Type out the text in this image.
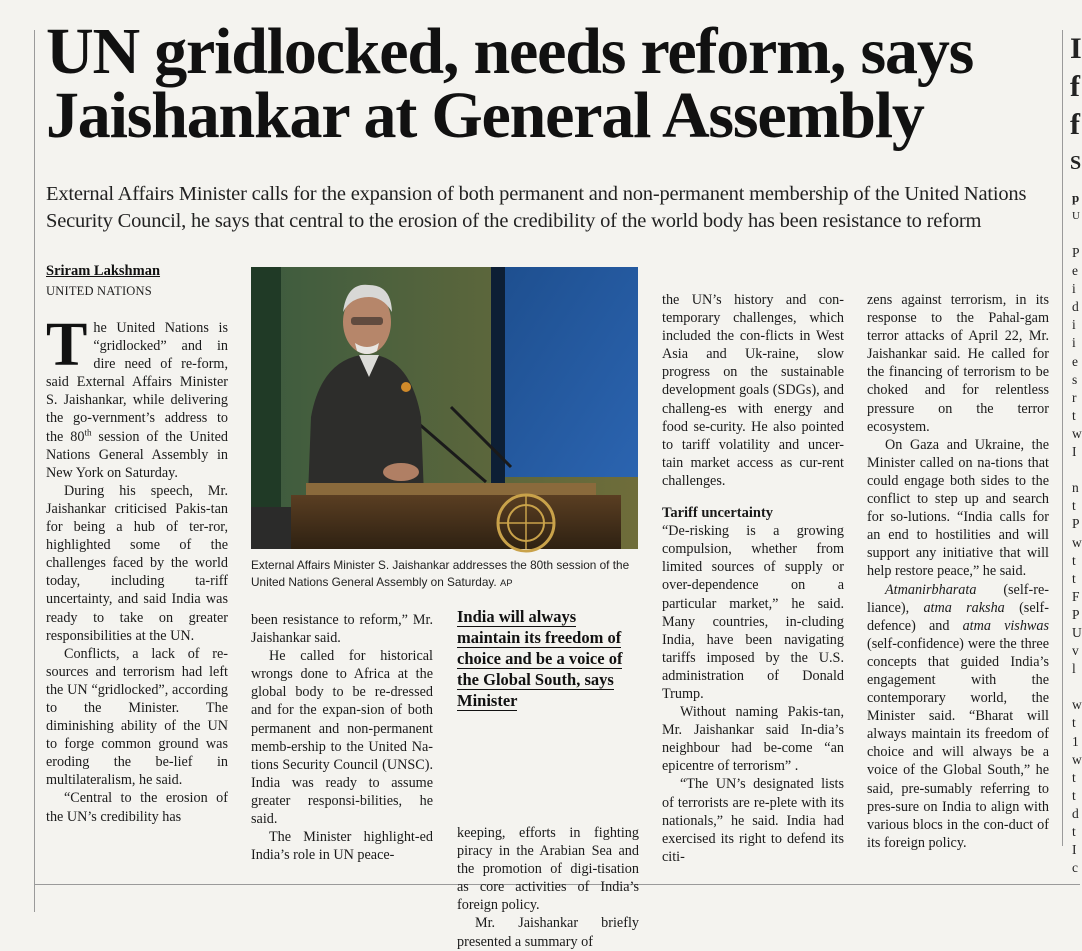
UN gridlocked, needs reform, says
Jaishankar at General Assembly
External Affairs Minister calls for the expansion of both permanent and non-permanent membership of the United Nations
Security Council, he says that central to the erosion of the credibility of the world body has been resistance to reform
Sriram Lakshman
UNITED NATIONS

The United Nations is “gridlocked” and in dire need of re-form, said External Affairs Minister S. Jaishankar, while delivering the go-vernment’s address to the 80th session of the United Nations General Assembly in New York on Saturday.

During his speech, Mr. Jaishankar criticised Pakis-tan for being a hub of ter-ror, highlighted some of the challenges faced by the world today, including ta-riff uncertainty, and said India was ready to take on greater responsibilities at the UN.

Conflicts, a lack of re-sources and terrorism had left the UN “gridlocked”, according to the Minister. The diminishing ability of the UN to forge common ground was eroding the be-lief in multilateralism, he said.

“Central to the erosion of the UN’s credibility has

External Affairs Minister S. Jaishankar addresses the 80th session of the United Nations General Assembly on Saturday. AP

been resistance to reform,” Mr. Jaishankar said.

He called for historical wrongs done to Africa at the global body to be re-dressed and for the expan-sion of both permanent and non-permanent memb-ership to the United Na-tions Security Council (UNSC). India was ready to assume greater responsi-bilities, he said.

The Minister highlight-ed India’s role in UN peace-

India will always maintain its freedom of choice and be a voice of the Global South, says Minister

keeping, efforts in fighting piracy in the Arabian Sea and the promotion of digi-tisation as core activities of India’s foreign policy.

Mr. Jaishankar briefly presented a summary of

the UN’s history and con-temporary challenges, which included the con-flicts in West Asia and Uk-raine, slow progress on the sustainable development goals (SDGs), and challeng-es with energy and food se-curity. He also pointed to tariff volatility and uncer-tain market access as cur-rent challenges.

Tariff uncertainty

“De-risking is a growing compulsion, whether from limited sources of supply or over-dependence on a particular market,” he said. Many countries, in-cluding India, have been navigating tariffs imposed by the U.S. administration of Donald Trump.

Without naming Pakis-tan, Mr. Jaishankar said In-dia’s neighbour had be-come “an epicentre of terrorism” .

“The UN’s designated lists of terrorists are re-plete with its nationals,” he said. India had exercised its right to defend its citi-

zens against terrorism, in its response to the Pahal-gam terror attacks of April 22, Mr. Jaishankar said. He called for the financing of terrorism to be choked and for relentless pressure on the terror ecosystem.

On Gaza and Ukraine, the Minister called on na-tions that could engage both sides to the conflict to step up and search for so-lutions. “India calls for an end to hostilities and will support any initiative that will help restore peace,” he said.

Atmanirbharata (self-re-liance), atma raksha (self-defence) and atma vishwas (self-confidence) were the three concepts that guided India’s engagement with the contemporary world, the Minister said. “Bharat will always maintain its freedom of choice and will always be a voice of the Global South,” he said, pre-sumably referring to pres-sure on India to align with various blocs in the con-duct of its foreign policy.

I
f
f
S
p
U
P
e
i
d
i
i
e
s
r
t
w
I

n
t
P
w
t
t
F
P
U
v
l

w
t
1
w
t
t
d
t
I
c
